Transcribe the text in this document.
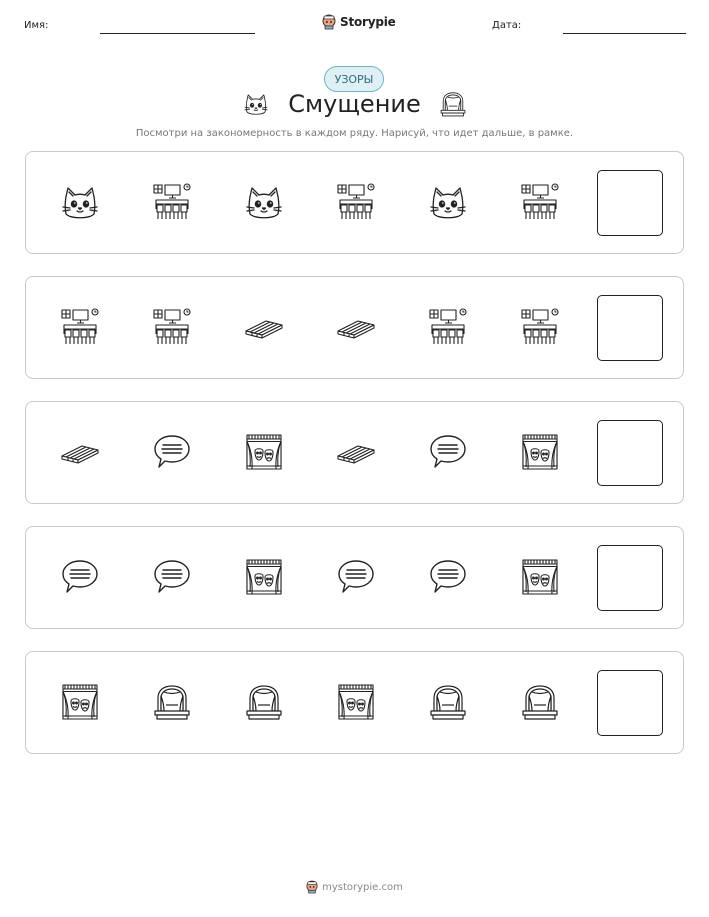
Имя:	Storypie	Дата:
УЗОРЫ
Смущение
Посмотри на закономерность в каждом ряду. Нарисуй, что идет дальше, в рамке.
mystorypie.com
